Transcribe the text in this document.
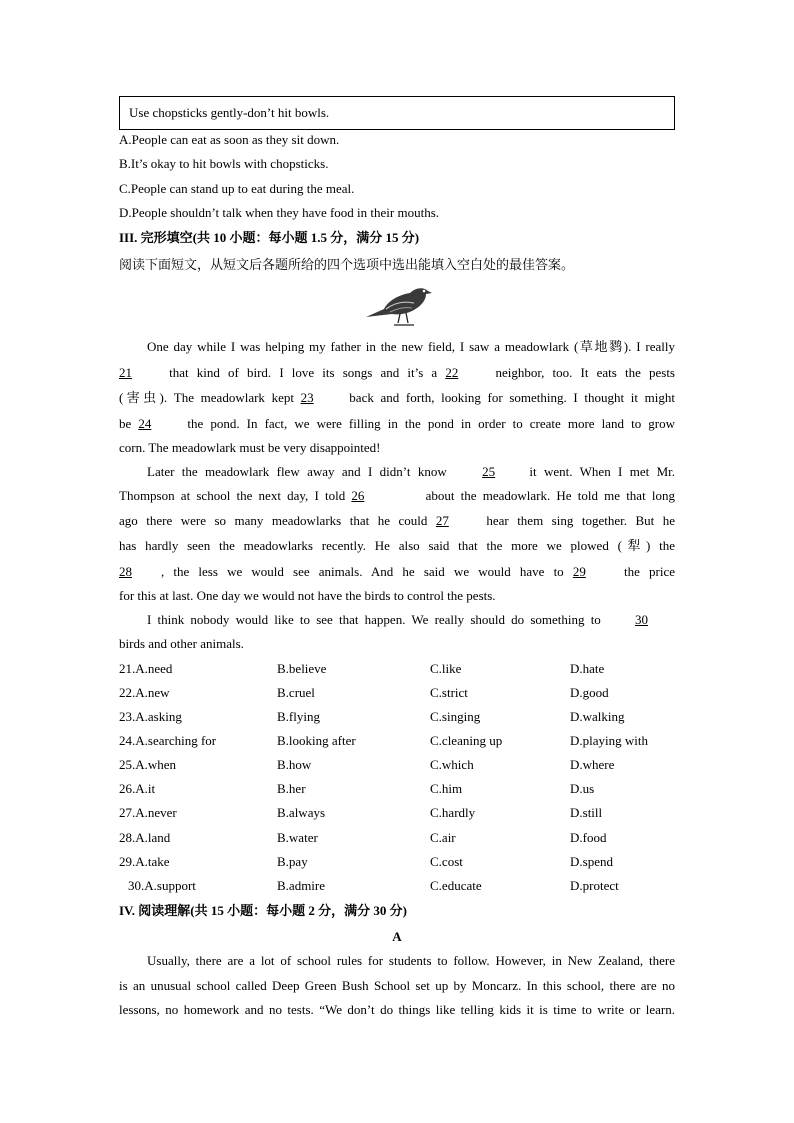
Use chopsticks gently-don’t hit bowls.
A.People can eat as soon as they sit down.
B.It’s okay to hit bowls with chopsticks.
C.People can stand up to eat during the meal.
D.People shouldn’t talk when they have food in their mouths.
III. 完形填空(共 10 小题：每小题 1.5 分，满分 15 分)
阅读下面短文，从短文后各题所给的四个选项中选出能填入空白处的最佳答案。
One day while I was helping my father in the new field, I saw a meadowlark (草地鹨). I really
21 that kind of bird. I love its songs and it’s a 22 neighbor, too. It eats the pests
(害虫). The meadowlark kept 23 back and forth, looking for something. I thought it might
be 24 the pond. In fact, we were filling in the pond in order to create more land to grow
corn. The meadowlark must be very disappointed!
Later the meadowlark flew away and I didn’t know 25 it went. When I met Mr.
Thompson at school the next day, I told 26	about the meadowlark. He told me that long
ago there were so many meadowlarks that he could 27 hear them sing together. But he
has hardly seen the meadowlarks recently. He also said that the more we plowed (犁) the
28 , the less we would see animals. And he said we would have to 29 the price
for this at last. One day we would not have the birds to control the pests.
I think nobody would like to see that happen. We really should do something to 30
birds and other animals.
21.A.need	B.believe	C.like	D.hate
22.A.new	B.cruel	C.strict	D.good
23.A.asking	B.flying	C.singing	D.walking
24.A.searching for	B.looking after	C.cleaning up	D.playing with
25.A.when	B.how	C.which	D.where
26.A.it	B.her	C.him	D.us
27.A.never	B.always	C.hardly	D.still
28.A.land	B.water	C.air	D.food
29.A.take	B.pay	C.cost	D.spend
30.A.support	B.admire	C.educate	D.protect
IV. 阅读理解(共 15 小题：每小题 2 分，满分 30 分)
A
Usually, there are a lot of school rules for students to follow. However, in New Zealand, there
is an unusual school called Deep Green Bush School set up by Moncarz. In this school, there are no
lessons, no homework and no tests. “We don’t do things like telling kids it is time to write or learn.
